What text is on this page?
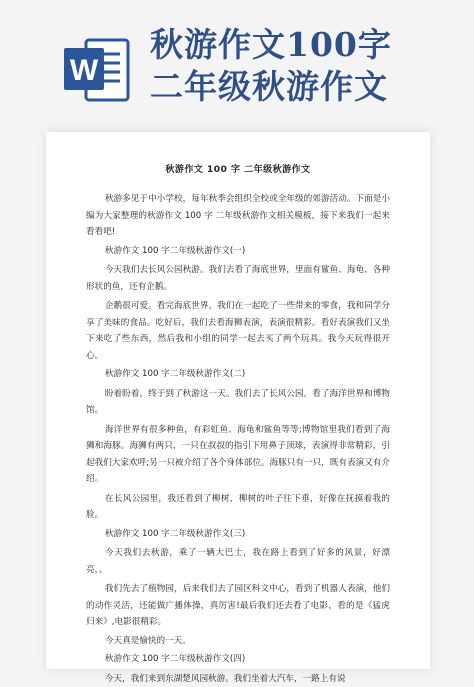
W
秋游作文100字
二年级秋游作文
秋游作文 100 字 二年级秋游作文

秋游多见于中小学校，每年秋季会组织全校或全年级的郊游活动。下面是小编为大家整理的秋游作文 100 字 二年级秋游作文相关模板，接下来我们一起来看看吧!

秋游作文 100 字二年级秋游作文(一)

今天我们去长风公园秋游。我们去看了海底世界，里面有鲨鱼、海龟、各种形状的鱼，还有企鹅。

企鹅很可爱。看完海底世界，我们在一起吃了一些带来的零食，我和同学分享了美味的食品。吃好后，我们去看海狮表演，表演很精彩。看好表演我们又坐下来吃了些东西，然后我和小组的同学一起去买了两个玩具。我今天玩得很开心。

秋游作文 100 字二年级秋游作文(二)

盼着盼着，终于到了秋游这一天。我们去了长风公园，看了海洋世界和博物馆。

海洋世界有很多种鱼，有彩虹鱼、海龟和鲨鱼等等;博物馆里我们看到了海狮和海豚。海狮有两只，一只在叔叔的指引下用鼻子顶球，表演得非常精彩，引起我们大家欢呼;另一只被介绍了各个身体部位。海豚只有一只，既有表演又有介绍。

在长风公园里，我还看到了柳树，柳树的叶子往下垂，好像在抚摸着我的脸。

秋游作文 100 字二年级秋游作文(三)

今天我们去秋游，乘了一辆大巴士，我在路上看到了好多的风景，好漂亮，。

我们先去了植物园，后来我们去了园区科文中心，看到了机器人表演，他们的动作灵活，还能做广播体操，真厉害!最后我们还去看了电影，看的是《猛虎归来》,电影很精彩。

今天真是愉快的一天。

秋游作文 100 字二年级秋游作文(四)

今天，我们来到东湖楚风园秋游。我们坐着大汽车，一路上有说
